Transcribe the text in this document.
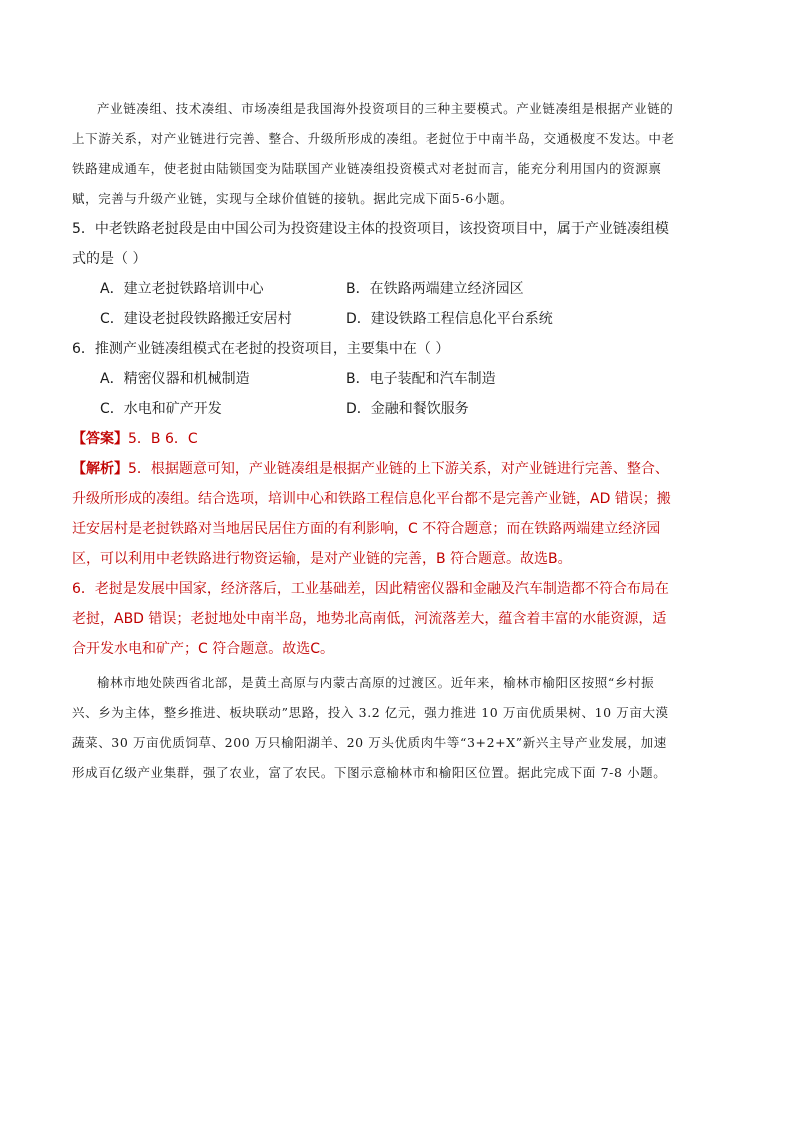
产业链凑组、技术凑组、市场凑组是我国海外投资项目的三种主要模式。产业链凑组是根据产业链的上下游关系，对产业链进行完善、整合、升级所形成的凑组。老挝位于中南半岛，交通极度不发达。中老铁路建成通车，使老挝由陆锁国变为陆联国产业链凑组投资模式对老挝而言，能充分利用国内的资源禀赋，完善与升级产业链，实现与全球价值链的接轨。据此完成下面5-6小题。

5．中老铁路老挝段是由中国公司为投资建设主体的投资项目，该投资项目中，属于产业链凑组模式的是（ ）

A．建立老挝铁路培训中心	B．在铁路两端建立经济园区
C．建设老挝段铁路搬迁安居村	D．建设铁路工程信息化平台系统

6．推测产业链凑组模式在老挝的投资项目，主要集中在（ ）

A．精密仪器和机械制造	B．电子装配和汽车制造
C．水电和矿产开发	D．金融和餐饮服务

【答案】5．B 6．C

【解析】5．根据题意可知，产业链凑组是根据产业链的上下游关系，对产业链进行完善、整合、升级所形成的凑组。结合选项，培训中心和铁路工程信息化平台都不是完善产业链，AD 错误；搬迁安居村是老挝铁路对当地居民居住方面的有利影响，C 不符合题意；而在铁路两端建立经济园区，可以利用中老铁路进行物资运输，是对产业链的完善，B 符合题意。故选B。

6．老挝是发展中国家，经济落后，工业基础差，因此精密仪器和金融及汽车制造都不符合布局在老挝，ABD 错误；老挝地处中南半岛，地势北高南低，河流落差大，蕴含着丰富的水能资源，适合开发水电和矿产；C 符合题意。故选C。

榆林市地处陕西省北部，是黄土高原与内蒙古高原的过渡区。近年来，榆林市榆阳区按照“乡村振兴、乡为主体，整乡推进、板块联动”思路，投入 3.2 亿元，强力推进 10 万亩优质果树、10 万亩大漠蔬菜、30 万亩优质饲草、200 万只榆阳湖羊、20 万头优质肉牛等“3+2+X”新兴主导产业发展，加速形成百亿级产业集群，强了农业，富了农民。下图示意榆林市和榆阳区位置。据此完成下面 7-8 小题。
